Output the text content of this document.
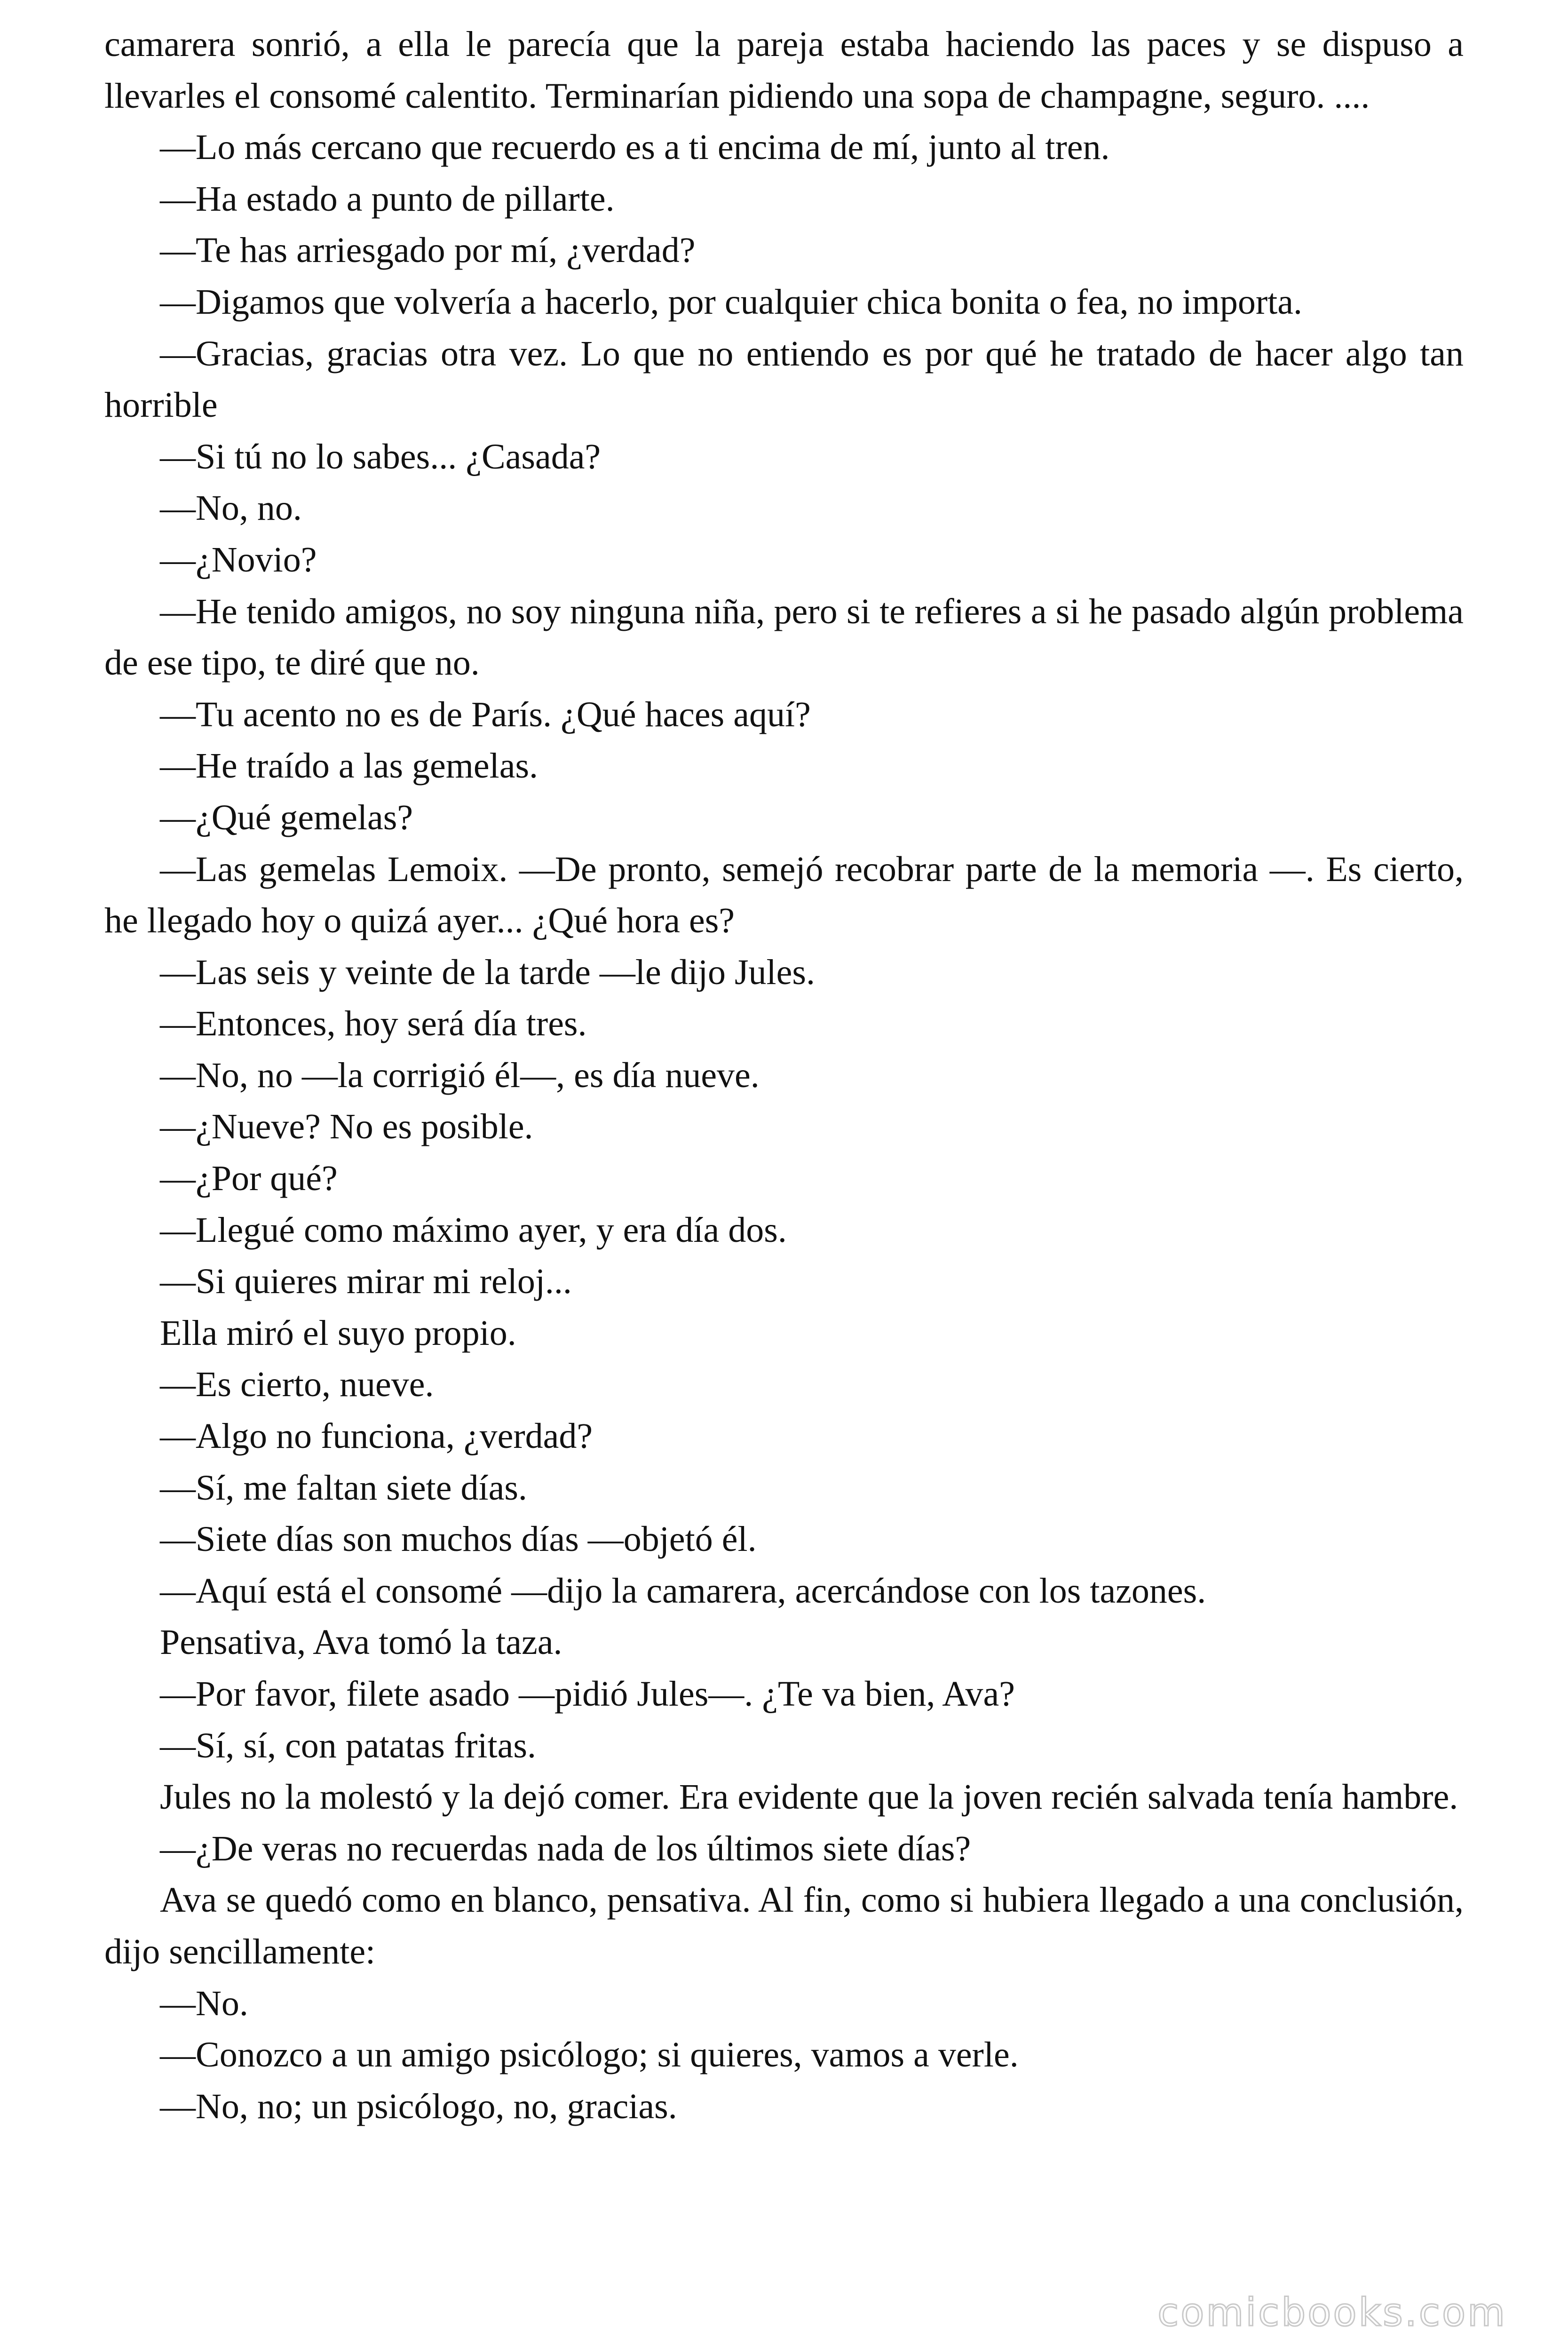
camarera sonrió, a ella le parecía que la pareja estaba haciendo las paces y se dispuso a llevarles el consomé calentito. Terminarían pidiendo una sopa de champagne, seguro. ....

—Lo más cercano que recuerdo es a ti encima de mí, junto al tren.

—Ha estado a punto de pillarte.

—Te has arriesgado por mí, ¿verdad?

—Digamos que volvería a hacerlo, por cualquier chica bonita o fea, no importa.

—Gracias, gracias otra vez. Lo que no entiendo es por qué he tratado de hacer algo tan horrible

—Si tú no lo sabes... ¿Casada?

—No, no.

—¿Novio?

—He tenido amigos, no soy ninguna niña, pero si te refieres a si he pasado algún problema de ese tipo, te diré que no.

—Tu acento no es de París. ¿Qué haces aquí?

—He traído a las gemelas.

—¿Qué gemelas?

—Las gemelas Lemoix. —De pronto, semejó recobrar parte de la memoria —. Es cierto, he llegado hoy o quizá ayer... ¿Qué hora es?

—Las seis y veinte de la tarde —le dijo Jules.

—Entonces, hoy será día tres.

—No, no —la corrigió él—, es día nueve.

—¿Nueve? No es posible.

—¿Por qué?

—Llegué como máximo ayer, y era día dos.

—Si quieres mirar mi reloj...

Ella miró el suyo propio.

—Es cierto, nueve.

—Algo no funciona, ¿verdad?

—Sí, me faltan siete días.

—Siete días son muchos días —objetó él.

—Aquí está el consomé —dijo la camarera, acercándose con los tazones.

Pensativa, Ava tomó la taza.

—Por favor, filete asado —pidió Jules—. ¿Te va bien, Ava?

—Sí, sí, con patatas fritas.

Jules no la molestó y la dejó comer. Era evidente que la joven recién salvada tenía hambre.

—¿De veras no recuerdas nada de los últimos siete días?

Ava se quedó como en blanco, pensativa. Al fin, como si hubiera llegado a una conclusión, dijo sencillamente:

—No.

—Conozco a un amigo psicólogo; si quieres, vamos a verle.

—No, no; un psicólogo, no, gracias.

comicbooks.com
